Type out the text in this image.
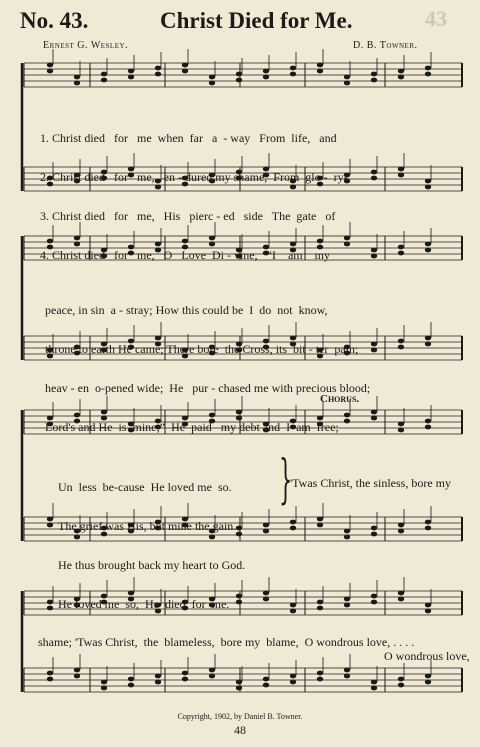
No. 43.	Christ Died for Me.	43
Ernest G. Wesley.	D. B. Towner.

1. Christ died   for   me  when  far   a  - way   From  life,   and

2. Christ died   for   me,   en - dured my shame,  From  glo -  ry-

3. Christ died   for   me,   His   pierc - ed   side   The  gate   of

4. Christ died   for   me,   O   Love  Di - vine,   “I    am    my

peace, in sin  a - stray; How this could be  I  do  not  know,

throne to earth He came; There bore  the Cross, its  bit - ter  pain;

heav - en  o-pened wide;  He   pur - chased me with precious blood;

Lord's and He  is  mine;”  He  paid   my debt and  I  am  free;

Chorus.

Un  less  be-cause  He loved me  so.

The grief was His, but mine the gain.

He thus brought back my heart to God.

He loved me  so,  He  died  for  me.

}
'Twas Christ, the sinless, bore my
shame; 'Twas Christ,  the  blameless,  bore my  blame,  O wondrous love, . . . .
O wondrous love,
Copyright, 1902, by Daniel B. Towner.
48
